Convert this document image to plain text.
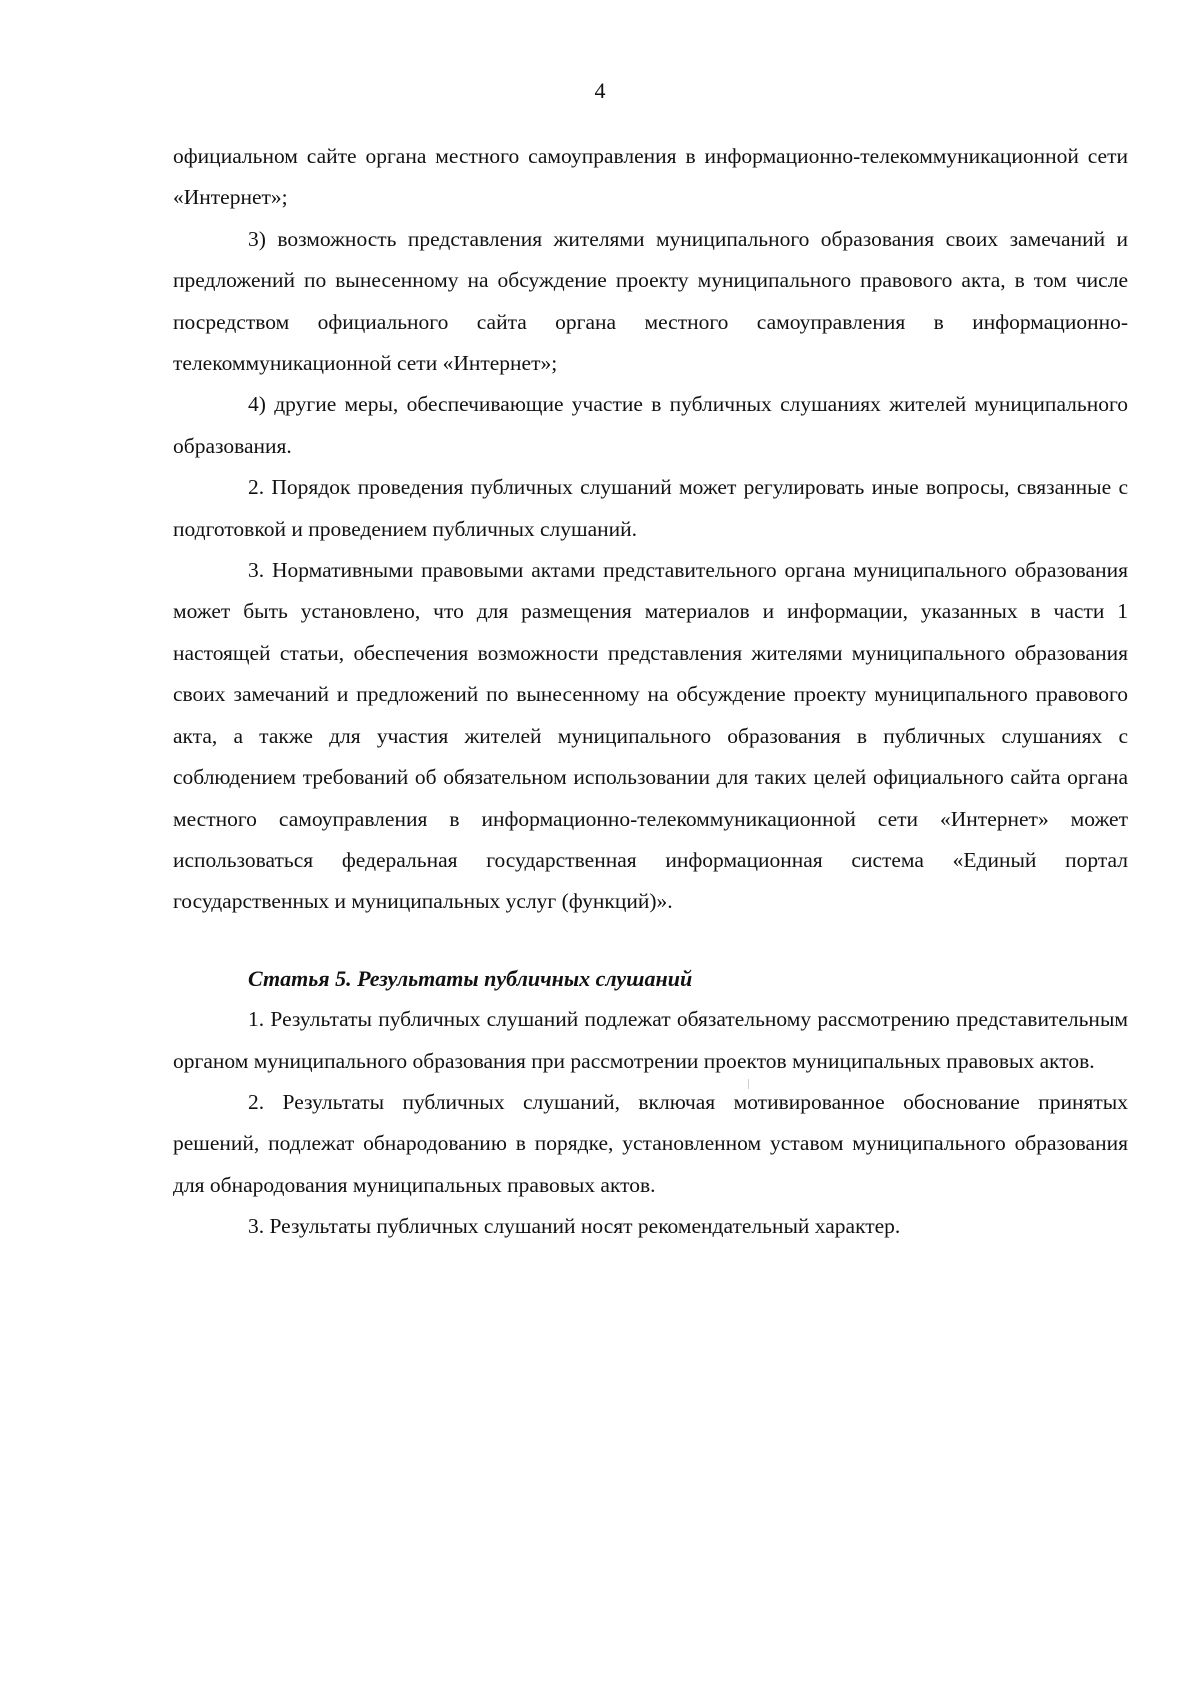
4

официальном сайте органа местного самоуправления в информационно-телекоммуникационной сети «Интернет»;

3) возможность представления жителями муниципального образования своих замечаний и предложений по вынесенному на обсуждение проекту муниципального правового акта, в том числе посредством официального сайта органа местного самоуправления в информационно-телекоммуникационной сети «Интернет»;

4) другие меры, обеспечивающие участие в публичных слушаниях жителей муниципального образования.

2. Порядок проведения публичных слушаний может регулировать иные вопросы, связанные с подготовкой и проведением публичных слушаний.

3. Нормативными правовыми актами представительного органа муниципального образования может быть установлено, что для размещения материалов и информации, указанных в части 1 настоящей статьи, обеспечения возможности представления жителями муниципального образования своих замечаний и предложений по вынесенному на обсуждение проекту муниципального правового акта, а также для участия жителей муниципального образования в публичных слушаниях с соблюдением требований об обязательном использовании для таких целей официального сайта органа местного самоуправления в информационно-телекоммуникационной сети «Интернет» может использоваться федеральная государственная информационная система «Единый портал государственных и муниципальных услуг (функций)».

Статья 5. Результаты публичных слушаний

1. Результаты публичных слушаний подлежат обязательному рассмотрению представительным органом муниципального образования при рассмотрении проектов муниципальных правовых актов.

2. Результаты публичных слушаний, включая мотивированное обоснование принятых решений, подлежат обнародованию в порядке, установленном уставом муниципального образования для обнародования муниципальных правовых актов.

3. Результаты публичных слушаний носят рекомендательный характер.
